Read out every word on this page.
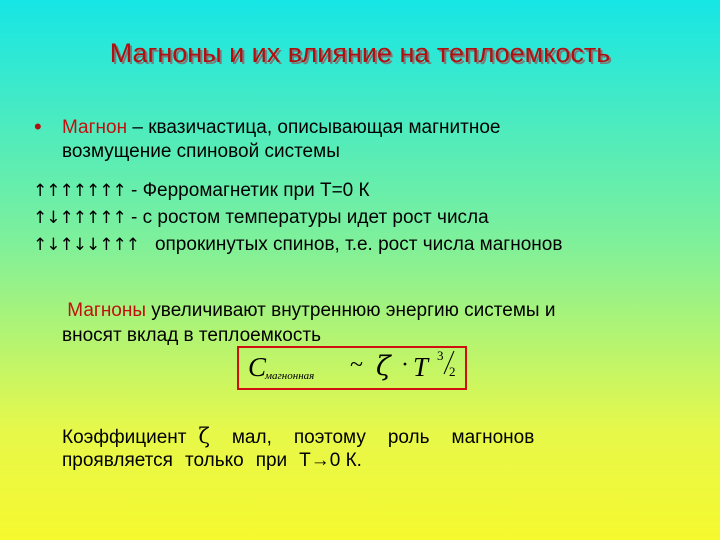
Магноны и их влияние на теплоемкость
• Магнон – квазичастица, описывающая магнитное
возмущение спиновой системы
↑↑↑↑↑↑↑ - Ферромагнетик при Т=0 К
↑↓↑↑↑↑↑ - с ростом температуры идет рост числа
↑↓↑↓↓↑↑↑ опрокинутых спинов, т.е. рост числа магнонов
Магноны увеличивают внутреннюю энергию системы и
вносят вклад в теплоемкость
C
магнонная ~ ζ · T 3
2
Коэффициент ζ мал, поэтому роль магнонов
проявляется только при Т→0 К.
